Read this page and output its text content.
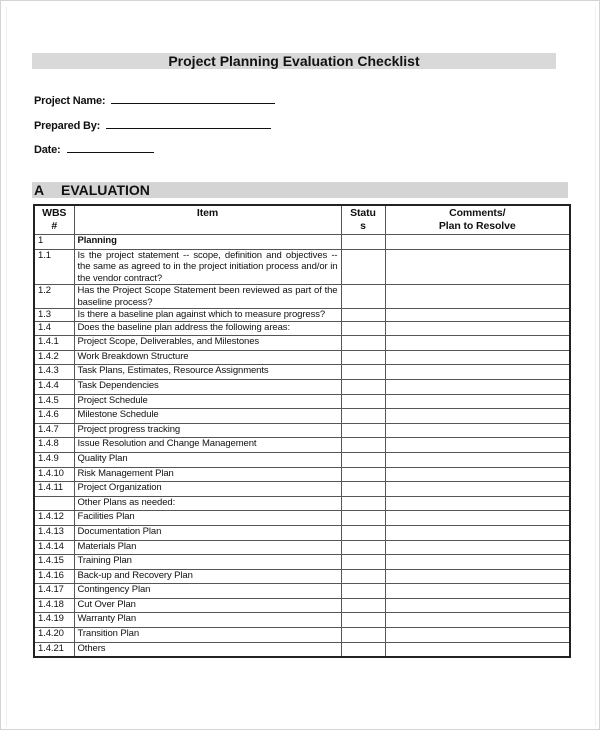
Project Planning Evaluation Checklist
Project Name:
Prepared By:
Date:
A EVALUATION
WBS #	Item	Status	Comments/
Plan to Resolve
1	Planning		
1.1	Is the project statement -- scope, definition and objectives -- the same as agreed to in the project initiation process and/or in the vendor contract?		
1.2	Has the Project Scope Statement been reviewed as part of the baseline process?		
1.3	Is there a baseline plan against which to measure progress?		
1.4	Does the baseline plan address the following areas:		
1.4.1	Project Scope, Deliverables, and Milestones		
1.4.2	Work Breakdown Structure		
1.4.3	Task Plans, Estimates, Resource Assignments		
1.4.4	Task Dependencies		
1.4.5	Project Schedule		
1.4.6	Milestone Schedule		
1.4.7	Project progress tracking		
1.4.8	Issue Resolution and Change Management		
1.4.9	Quality Plan		
1.4.10	Risk Management Plan		
1.4.11	Project Organization		
	Other Plans as needed:		
1.4.12	Facilities Plan		
1.4.13	Documentation Plan		
1.4.14	Materials Plan		
1.4.15	Training Plan		
1.4.16	Back-up and Recovery Plan		
1.4.17	Contingency Plan		
1.4.18	Cut Over Plan		
1.4.19	Warranty Plan		
1.4.20	Transition Plan		
1.4.21	Others		
